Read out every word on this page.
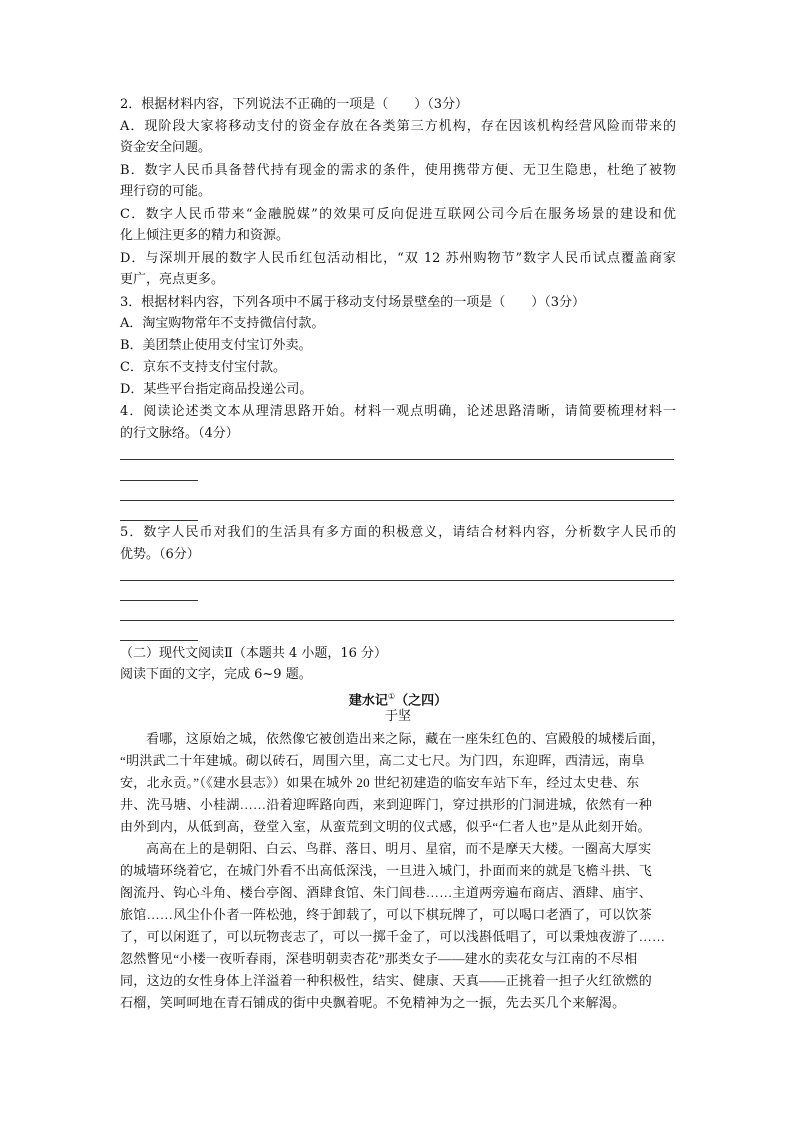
2．根据材料内容，下列说法不正确的一项是（　　）（3分）
A．现阶段大家将移动支付的资金存放在各类第三方机构，存在因该机构经营风险而带来的
资金安全问题。
B．数字人民币具备替代持有现金的需求的条件，使用携带方便、无卫生隐患，杜绝了被物
理行窃的可能。
C．数字人民币带来“金融脱媒”的效果可反向促进互联网公司今后在服务场景的建设和优
化上倾注更多的精力和资源。
D．与深圳开展的数字人民币红包活动相比，“双 12 苏州购物节”数字人民币试点覆盖商家
更广，亮点更多。
3．根据材料内容，下列各项中不属于移动支付场景壁垒的一项是（　　）（3分）
A．淘宝购物常年不支持微信付款。
B．美团禁止使用支付宝订外卖。
C．京东不支持支付宝付款。
D．某些平台指定商品投递公司。
4．阅读论述类文本从理清思路开始。材料一观点明确，论述思路清晰，请简要梳理材料一
的行文脉络。（4分）
5．数字人民币对我们的生活具有多方面的积极意义，请结合材料内容，分析数字人民币的
优势。（6分）
（二）现代文阅读Ⅱ（本题共 4 小题，16 分）
阅读下面的文字，完成 6~9 题。
建水记①（之四）
于坚
看哪，这原始之城，依然像它被创造出来之际，藏在一座朱红色的、宫殿般的城楼后面，
“明洪武二十年建城。砌以砖石，周围六里，高二丈七尺。为门四，东迎晖，西清远，南阜
安，北永贡。”（《建水县志》）如果在城外 20 世纪初建造的临安车站下车，经过太史巷、东
井、洗马塘、小桂湖……沿着迎晖路向西，来到迎晖门，穿过拱形的门洞进城，依然有一种
由外到内，从低到高，登堂入室，从蛮荒到文明的仪式感，似乎“仁者人也”是从此刻开始。
高高在上的是朝阳、白云、鸟群、落日、明月、星宿，而不是摩天大楼。一圈高大厚实
的城墙环绕着它，在城门外看不出高低深浅，一旦进入城门，扑面而来的就是飞檐斗拱、飞
阁流丹、钩心斗角、楼台亭阁、酒肆食馆、朱门闾巷……主道两旁遍布商店、酒肆、庙宇、
旅馆……风尘仆仆者一阵松弛，终于卸载了，可以下棋玩牌了，可以喝口老酒了，可以饮茶
了，可以闲逛了，可以玩物丧志了，可以一掷千金了，可以浅斟低唱了，可以秉烛夜游了……
忽然瞥见“小楼一夜听春雨，深巷明朝卖杏花”那类女子——建水的卖花女与江南的不尽相
同，这边的女性身体上洋溢着一种积极性，结实、健康、天真——正挑着一担子火红欲燃的
石榴，笑呵呵地在青石铺成的街中央飘着呢。不免精神为之一振，先去买几个来解渴。
